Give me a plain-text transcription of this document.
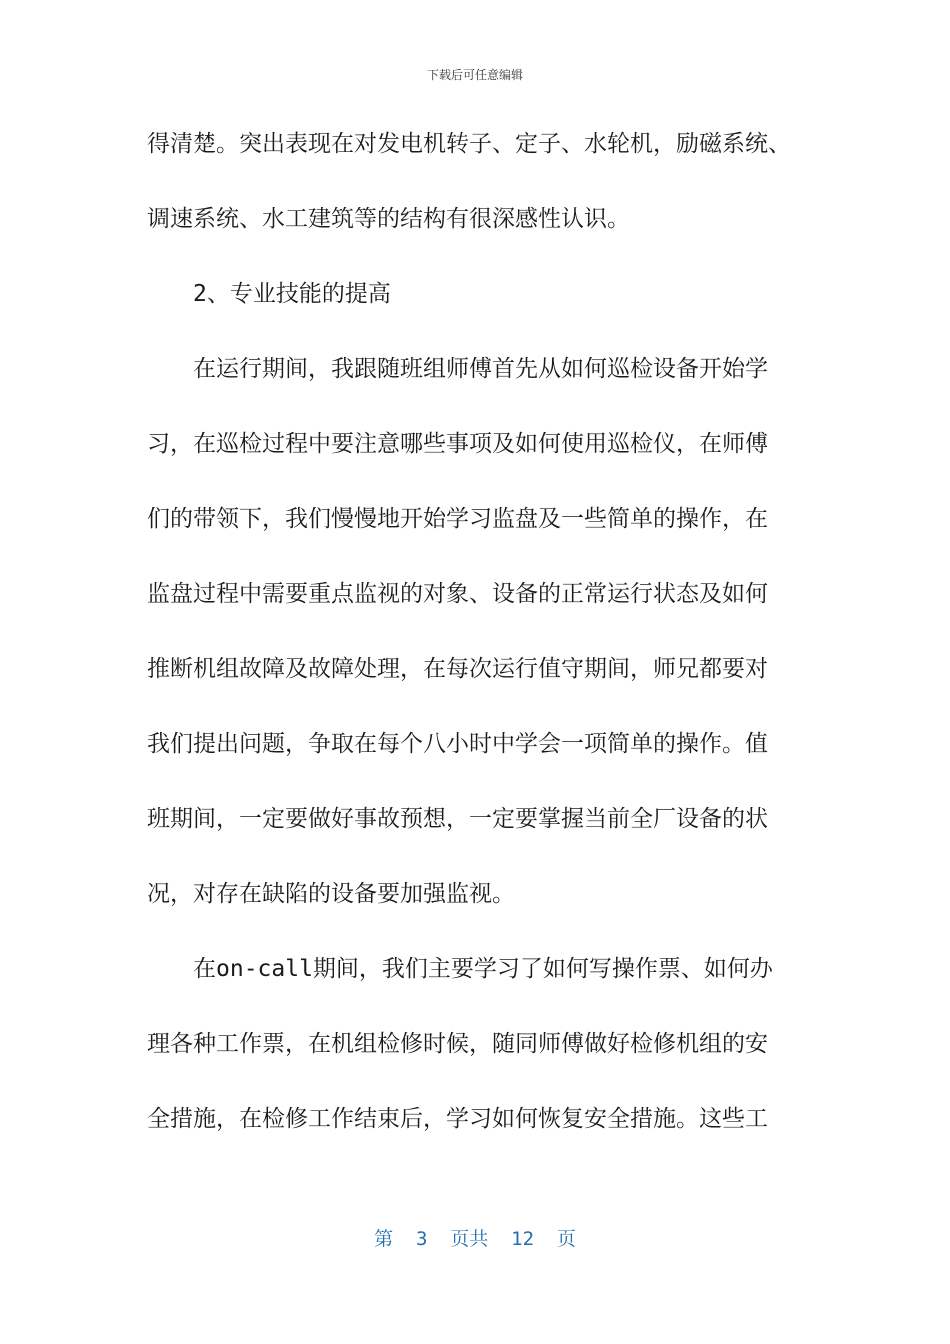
下载后可任意编辑
得清楚。突出表现在对发电机转子、定子、水轮机，励磁系统、
调速系统、水工建筑等的结构有很深感性认识。
2、专业技能的提高
在运行期间，我跟随班组师傅首先从如何巡检设备开始学
习，在巡检过程中要注意哪些事项及如何使用巡检仪，在师傅
们的带领下，我们慢慢地开始学习监盘及一些简单的操作，在
监盘过程中需要重点监视的对象、设备的正常运行状态及如何
推断机组故障及故障处理，在每次运行值守期间，师兄都要对
我们提出问题，争取在每个八小时中学会一项简单的操作。值
班期间，一定要做好事故预想，一定要掌握当前全厂设备的状
况，对存在缺陷的设备要加强监视。
在on-call期间，我们主要学习了如何写操作票、如何办
理各种工作票，在机组检修时候，随同师傅做好检修机组的安
全措施，在检修工作结束后，学习如何恢复安全措施。这些工
第  3  页共  12  页
